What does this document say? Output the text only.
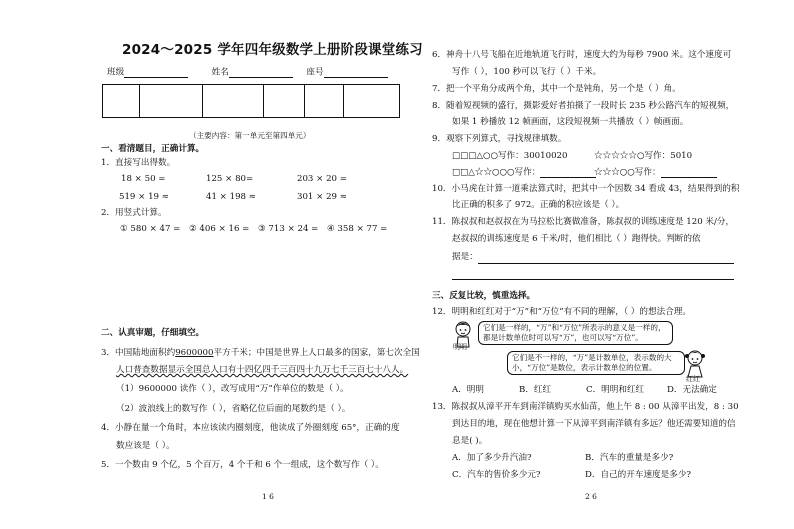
2024～2025 学年四年级数学上册阶段课堂练习
班级	姓名	座号

（主要内容：第一单元至第四单元）
一、看清题目，正确计算。
1．直接写出得数。
18 × 50 =	125 × 80=	203 × 20 =
519 × 19 ≈	41 × 198 ≈	301 × 29 ≈
2．用竖式计算。
① 580 × 47 = ② 406 × 16 = ③ 713 × 24 = ④ 358 × 77 =
二、认真审题，仔细填空。
3．中国陆地面积约9600000平方千米；中国是世界上人口最多的国家，第七次全国
人口普查数据显示全国总人口有十四亿四千三百四十九万七千三百七十八人。
（1）9600000 读作（ ），改写成用“万”作单位的数是（ ）。
（2）波浪线上的数写作（ ），省略亿位后面的尾数约是（ ）。
4．小静在量一个角时，本应该读内圈刻度，他读成了外圈刻度 65°，正确的度
数应该是（ ）。
5．一个数由 9 个亿，5 个百万，4 个千和 6 个一组成，这个数写作（ ）。
1 6
6．神舟十八号飞船在近地轨道飞行时，速度大约为每秒 7900 米。这个速度可
写作（ ），100 秒可以飞行（ ）千米。
7．把一个平角分成两个角，其中一个是钝角，另一个是（ ）角。
8．随着短视频的盛行，摄影爱好者拍摄了一段时长 235 秒公路汽车的短视频，
如果 1 秒播放 12 帧画面，这段短视频一共播放（ ）帧画面。
9．观察下列算式，寻找规律填数。
□□□△○○写作：30010020	☆☆☆☆☆○写作：5010
□□△☆☆○○○写作：	☆☆☆○○写作：
10．小马虎在计算一道乘法算式时，把其中一个因数 34 看成 43，结果得到的积
比正确的积多了 972。正确的积应该是（ ）。
11．陈叔叔和赵叔叔在为马拉松比赛做准备，陈叔叔的训练速度是 120 米/分，
赵叔叔的训练速度是 6 千米/时，他们相比（ ）跑得快。判断的依
据是：
三、反复比较，慎重选择。
12．明明和红红对于“万”和“万位”有不同的理解，（ ）的想法合理。
明明
它们是一样的，“万”和“万位”所表示的意义是一样的，都是计数单位时可以写“万”，也可以写“万位”。
它们是不一样的，“万”是计数单位，表示数的大小，“万位”是数位，表示计数单位的位置。
红红
A．明明	B．红红	C．明明和红红	D．无法确定
13．陈叔叔从漳平开车到南洋镇购买水仙苗，他上午 8 : 00 从漳平出发，8 : 30
到达目的地，现在他想计算一下从漳平到南洋镇有多远？他还需要知道的信
息是( )。
A．加了多少升汽油?	B．汽车的重量是多少?
C．汽车的售价多少元?	D．自己的开车速度是多少?
2 6
